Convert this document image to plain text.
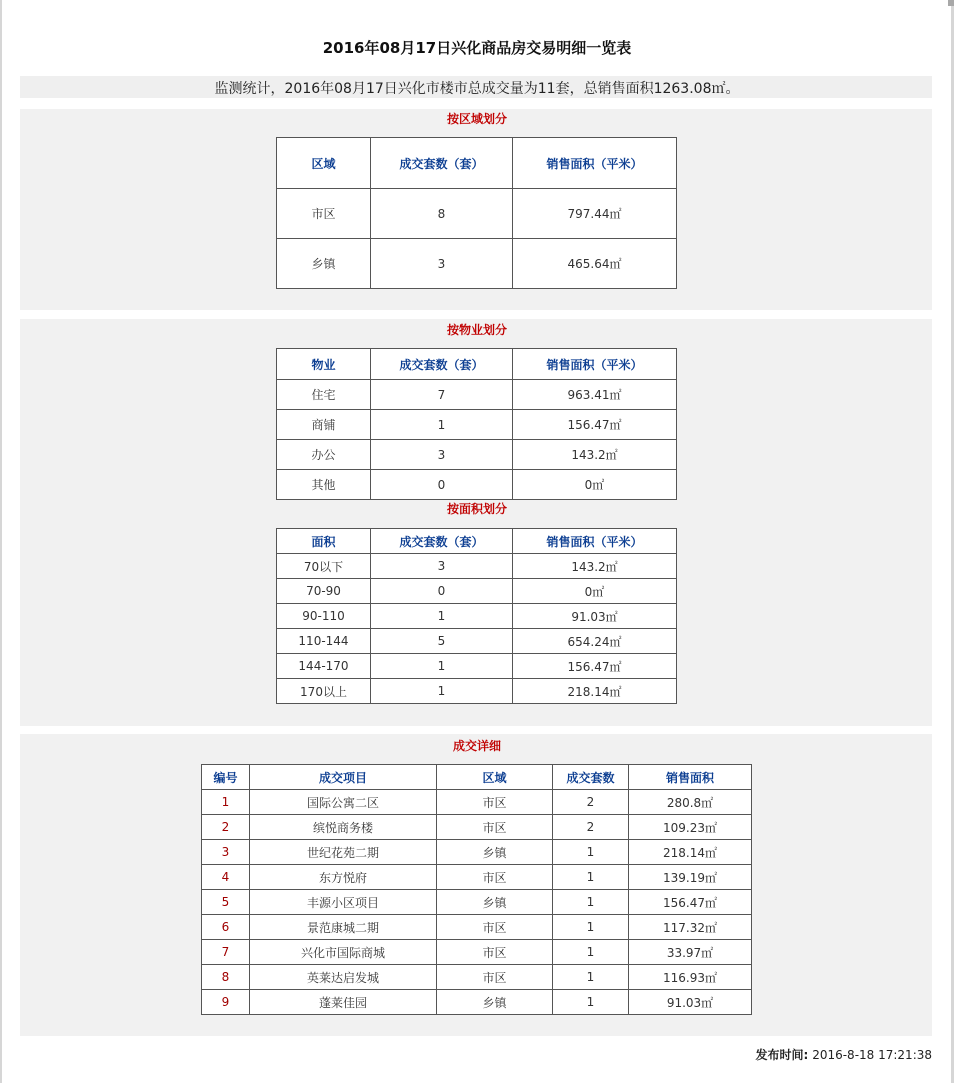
2016年08月17日兴化商品房交易明细一览表
监测统计，2016年08月17日兴化市楼市总成交量为11套，总销售面积1263.08㎡。
按区域划分
区域	成交套数（套）	销售面积（平米）
市区	8	797.44㎡
乡镇	3	465.64㎡
按物业划分
物业	成交套数（套）	销售面积（平米）
住宅	7	963.41㎡
商铺	1	156.47㎡
办公	3	143.2㎡
其他	0	0㎡
按面积划分
面积	成交套数（套）	销售面积（平米）
70以下	3	143.2㎡
70-90	0	0㎡
90-110	1	91.03㎡
110-144	5	654.24㎡
144-170	1	156.47㎡
170以上	1	218.14㎡
成交详细
编号	成交项目	区域	成交套数	销售面积
1	国际公寓二区	市区	2	280.8㎡
2	缤悦商务楼	市区	2	109.23㎡
3	世纪花苑二期	乡镇	1	218.14㎡
4	东方悦府	市区	1	139.19㎡
5	丰源小区项目	乡镇	1	156.47㎡
6	景范康城二期	市区	1	117.32㎡
7	兴化市国际商城	市区	1	33.97㎡
8	英莱达启发城	市区	1	116.93㎡
9	蓬莱佳园	乡镇	1	91.03㎡
发布时间: 2016-8-18 17:21:38
